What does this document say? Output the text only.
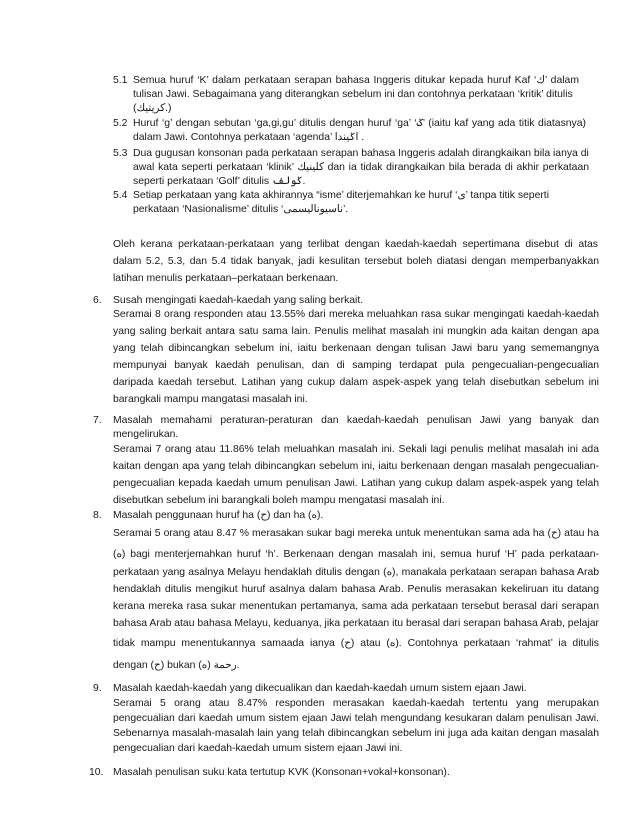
5.1 Semua huruf ‘K’ dalam perkataan serapan bahasa Inggeris ditukar kepada huruf Kaf ‘ك’ dalam
tulisan Jawi. Sebagaimana yang diterangkan sebelum ini dan contohnya perkataan ‘kritik’ ditulis
(كريتيك.)
5.2 Huruf ‘g’ dengan sebutan ‘ga,gi,gu’ ditulis dengan huruf ‘ga’ ‘ݢ’ (iaitu kaf yang ada titik diatasnya)
dalam Jawi. Contohnya perkataan ‘agenda’ اݢيندا .
5.3 Dua gugusan konsonan pada perkataan serapan bahasa Inggeris adalah dirangkaikan bila ianya di
awal kata seperti perkataan ‘klinik’ كلينيك dan ia tidak dirangkaikan bila berada di akhir perkataan
seperti perkataan ‘Golf’ ditulis ݢولف.
5.4 Setiap perkataan yang kata akhirannya “isme’ diterjemahkan ke huruf ‘ى’ tanpa titik seperti
perkataan ‘Nasionalisme’ ditulis ‘ناسيوناليسمى’.
Oleh kerana perkataan-perkataan yang terlibat dengan kaedah-kaedah sepertimana disebut di atas
dalam 5.2, 5.3, dan 5.4 tidak banyak, jadi kesulitan tersebut boleh diatasi dengan memperbanyakkan
latihan menulis perkataan–perkataan berkenaan.
6. Susah mengingati kaedah-kaedah yang saling berkait.
Seramai 8 orang responden atau 13.55% dari mereka meluahkan rasa sukar mengingati kaedah-kaedah
yang saling berkait antara satu sama lain. Penulis melihat masalah ini mungkin ada kaitan dengan apa
yang telah dibincangkan sebelum ini, iaitu berkenaan dengan tulisan Jawi baru yang sememangnya
mempunyai banyak kaedah penulisan, dan di samping terdapat pula pengecualian-pengecualian
daripada kaedah tersebut. Latihan yang cukup dalam aspek-aspek yang telah disebutkan sebelum ini
barangkali mampu mangatasi masalah ini.
7. Masalah memahami peraturan-peraturan dan kaedah-kaedah penulisan Jawi yang banyak dan
mengelirukan.
Seramai 7 orang atau 11.86% telah meluahkan masalah ini. Sekali lagi penulis melihat masalah ini ada
kaitan dengan apa yang telah dibincangkan sebelum ini, iaitu berkenaan dengan masalah pengecualian-
pengecualian kepada kaedah umum penulisan Jawi. Latihan yang cukup dalam aspek-aspek yang telah
disebutkan sebelum ini barangkali boleh mampu mengatasi masalah ini.
8. Masalah penggunaan huruf ha (ح) dan ha (ه).
Seramai 5 orang atau 8.47 % merasakan sukar bagi mereka untuk menentukan sama ada ha (ح) atau ha
(ه) bagi menterjemahkan huruf ‘h’. Berkenaan dengan masalah ini, semua huruf ‘H’ pada perkataan-
perkataan yang asalnya Melayu hendaklah ditulis dengan (ه), manakala perkataan serapan bahasa Arab
hendaklah ditulis mengikut huruf asalnya dalam bahasa Arab. Penulis merasakan kekeliruan itu datang
kerana mereka rasa sukar menentukan pertamanya, sama ada perkataan tersebut berasal dari serapan
bahasa Arab atau bahasa Melayu, keduanya, jika perkataan itu berasal dari serapan bahasa Arab, pelajar
tidak mampu menentukannya samaada ianya (ح) atau (ه). Contohnya perkataan ‘rahmat’ ia ditulis
dengan (ح) bukan (ه) رحمة.
9. Masalah kaedah-kaedah yang dikecualikan dan kaedah-kaedah umum sistem ejaan Jawi.
Seramai 5 orang atau 8.47% responden merasakan kaedah-kaedah tertentu yang merupakan
pengecualian dari kaedah umum sistem ejaan Jawi telah mengundang kesukaran dalam penulisan Jawi.
Sebenarnya masalah-masalah lain yang telah dibincangkan sebelum ini juga ada kaitan dengan masalah
pengecualian dari kaedah-kaedah umum sistem ejaan Jawi ini.
10. Masalah penulisan suku kata tertutup KVK (Konsonan+vokal+konsonan).
